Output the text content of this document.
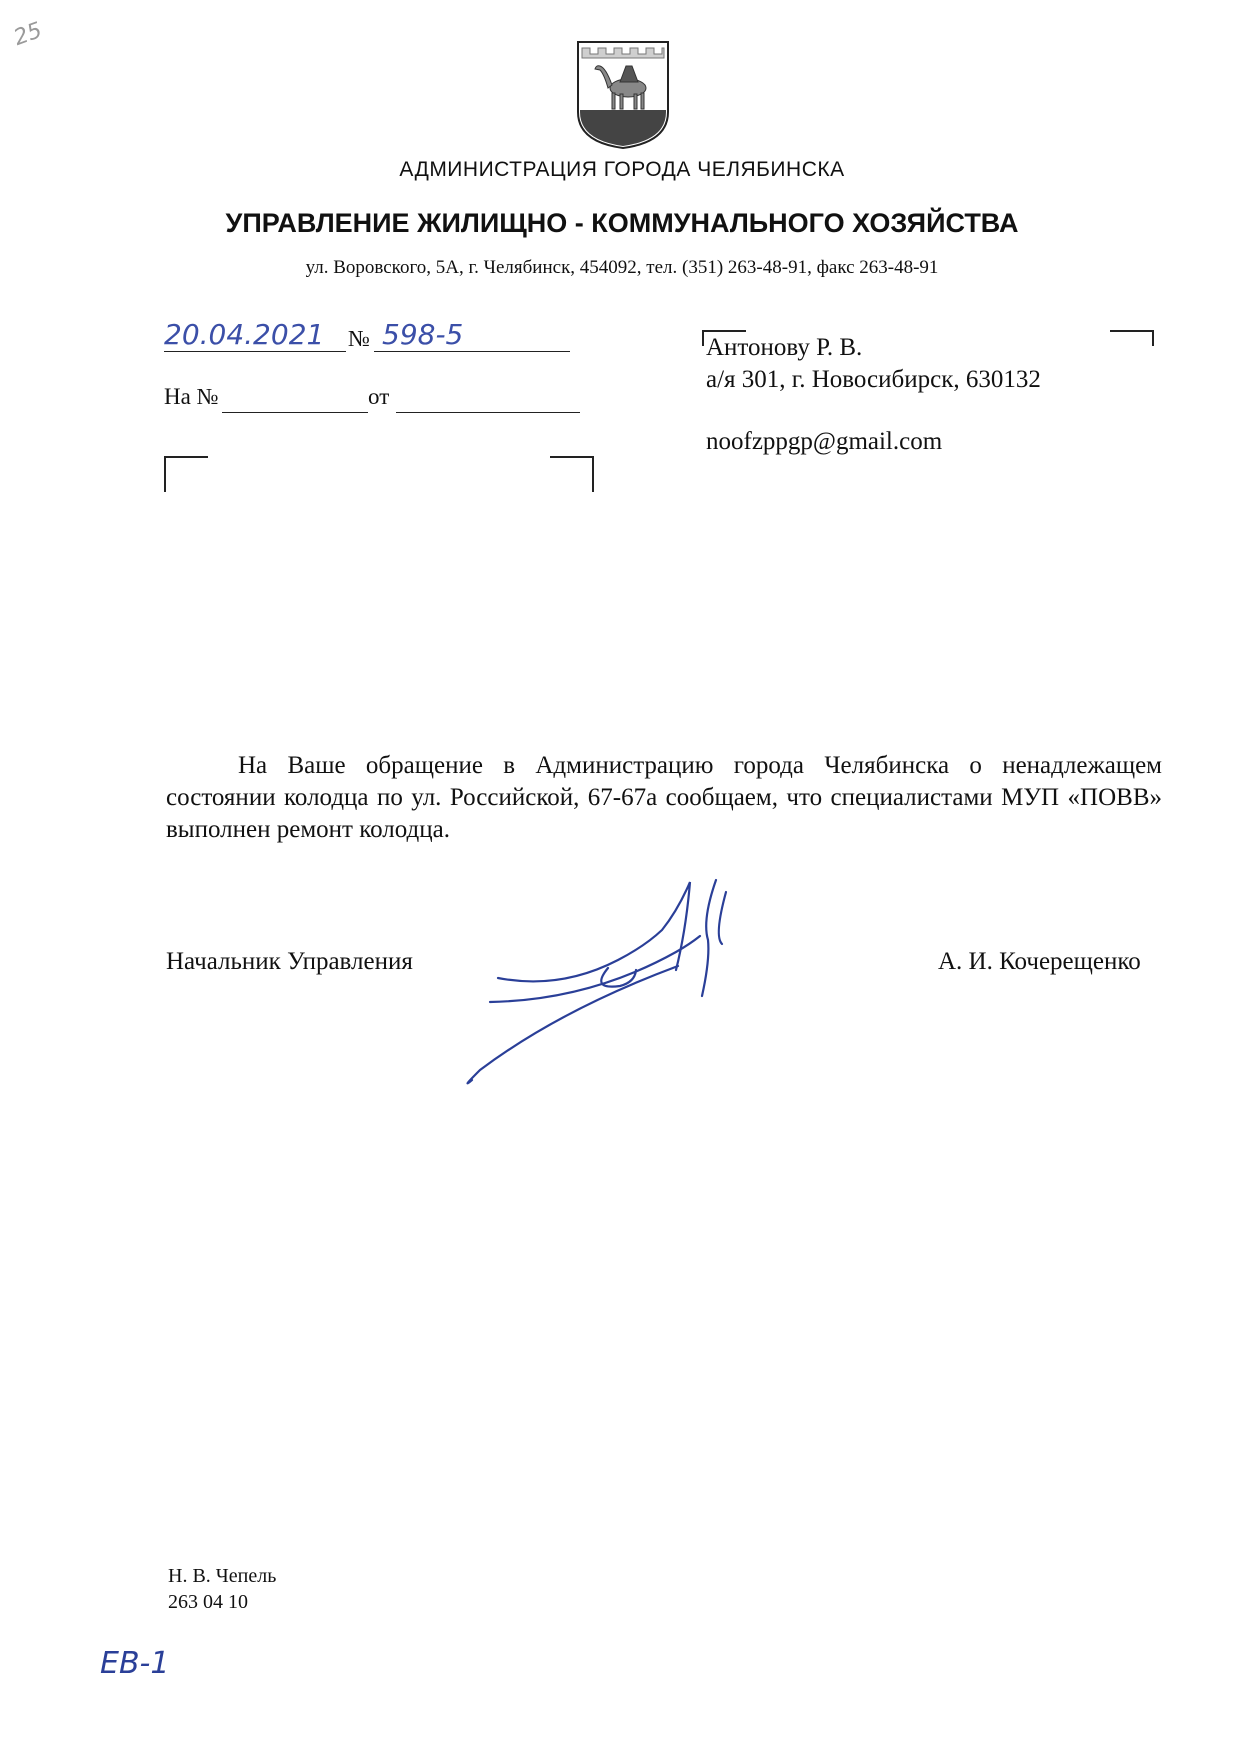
25
АДМИНИСТРАЦИЯ ГОРОДА ЧЕЛЯБИНСКА
УПРАВЛЕНИЕ ЖИЛИЩНО - КОММУНАЛЬНОГО ХОЗЯЙСТВА
ул. Воровского, 5А, г. Челябинск, 454092, тел. (351) 263-48-91, факс 263-48-91
20.04.2021 № 598-5
На №	от
Антонову Р. В.
а/я 301, г. Новосибирск, 630132
noofzppgp@gmail.com
На Ваше обращение в Администрацию города Челябинска о ненадлежащем состоянии колодца по ул. Российской, 67-67а сообщаем, что специалистами МУП «ПОВВ» выполнен ремонт колодца.
Начальник Управления	А. И. Кочерещенко
Н. В. Чепель
263 04 10
ЕВ-1
